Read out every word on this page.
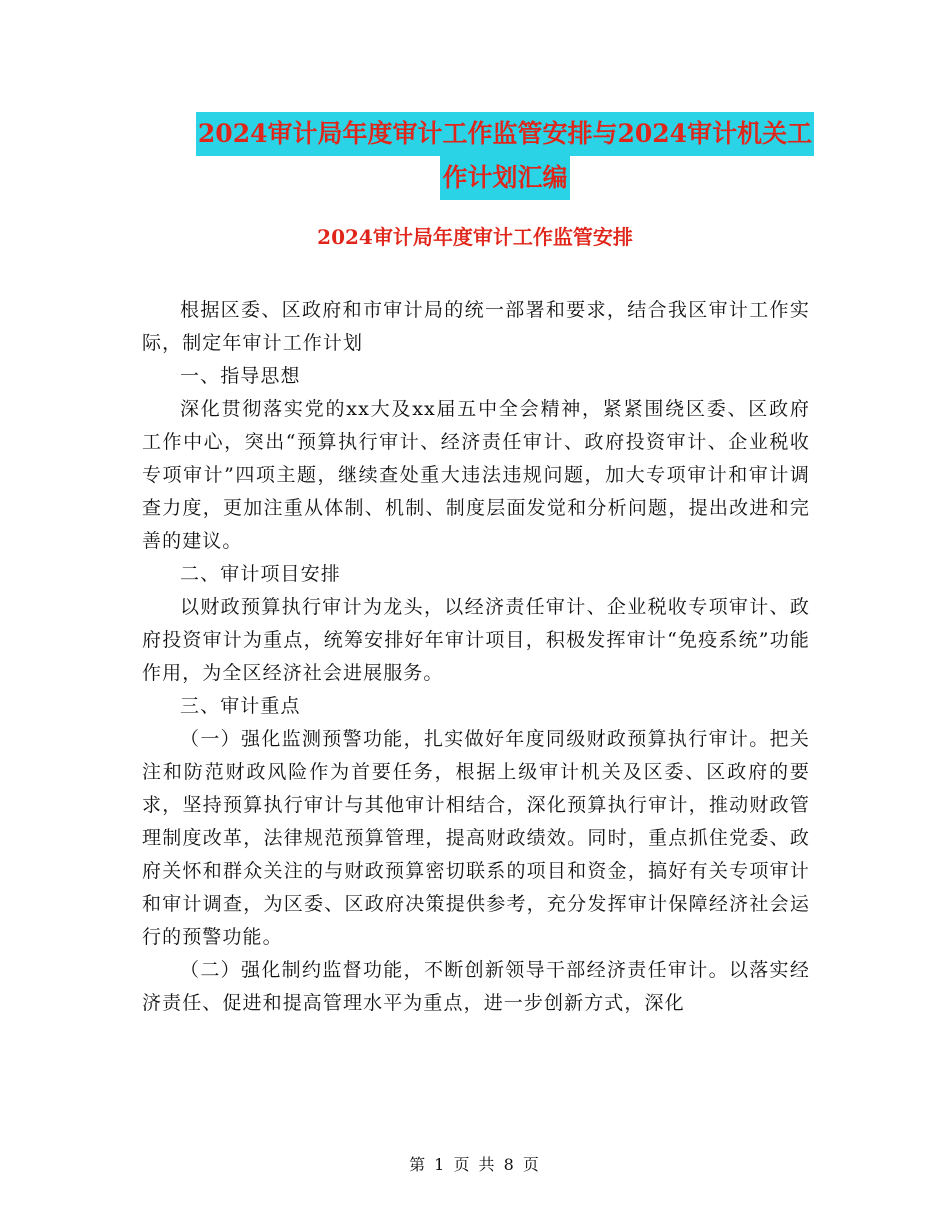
2024审计局年度审计工作监管安排与2024审计机关工
作计划汇编
2024审计局年度审计工作监管安排

根据区委、区政府和市审计局的统一部署和要求，结合我区审计工作实际，制定年审计工作计划

一、指导思想

深化贯彻落实党的xx大及xx届五中全会精神，紧紧围绕区委、区政府工作中心，突出“预算执行审计、经济责任审计、政府投资审计、企业税收专项审计”四项主题，继续查处重大违法违规问题，加大专项审计和审计调查力度，更加注重从体制、机制、制度层面发觉和分析问题，提出改进和完善的建议。

二、审计项目安排

以财政预算执行审计为龙头，以经济责任审计、企业税收专项审计、政府投资审计为重点，统筹安排好年审计项目，积极发挥审计“免疫系统”功能作用，为全区经济社会进展服务。

三、审计重点

（一）强化监测预警功能，扎实做好年度同级财政预算执行审计。把关注和防范财政风险作为首要任务，根据上级审计机关及区委、区政府的要求，坚持预算执行审计与其他审计相结合，深化预算执行审计，推动财政管理制度改革，法律规范预算管理，提高财政绩效。同时，重点抓住党委、政府关怀和群众关注的与财政预算密切联系的项目和资金，搞好有关专项审计和审计调查，为区委、区政府决策提供参考，充分发挥审计保障经济社会运行的预警功能。

（二）强化制约监督功能，不断创新领导干部经济责任审计。以落实经济责任、促进和提高管理水平为重点，进一步创新方式，深化

第 1 页 共 8 页
